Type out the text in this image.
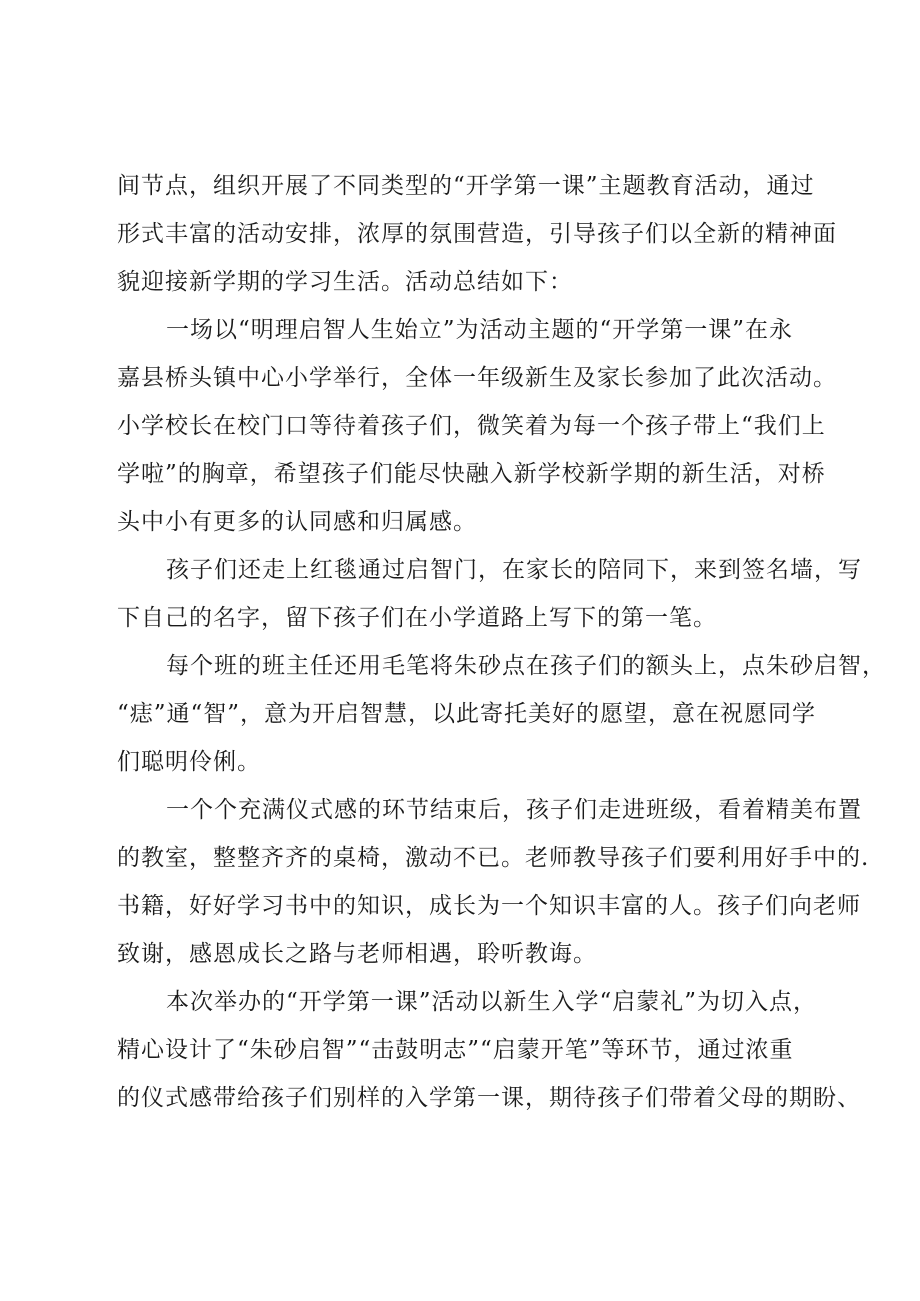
间节点，组织开展了不同类型的“开学第一课”主题教育活动，通过
形式丰富的活动安排，浓厚的氛围营造，引导孩子们以全新的精神面
貌迎接新学期的学习生活。活动总结如下：
一场以“明理启智人生始立”为活动主题的“开学第一课”在永
嘉县桥头镇中心小学举行，全体一年级新生及家长参加了此次活动。
小学校长在校门口等待着孩子们，微笑着为每一个孩子带上“我们上
学啦”的胸章，希望孩子们能尽快融入新学校新学期的新生活，对桥
头中小有更多的认同感和归属感。
孩子们还走上红毯通过启智门，在家长的陪同下，来到签名墙，写
下自己的名字，留下孩子们在小学道路上写下的第一笔。
每个班的班主任还用毛笔将朱砂点在孩子们的额头上，点朱砂启智，
“痣”通“智”，意为开启智慧，以此寄托美好的愿望，意在祝愿同学
们聪明伶俐。
一个个充满仪式感的环节结束后，孩子们走进班级，看着精美布置
的教室，整整齐齐的桌椅，激动不已。老师教导孩子们要利用好手中的.
书籍，好好学习书中的知识，成长为一个知识丰富的人。孩子们向老师
致谢，感恩成长之路与老师相遇，聆听教诲。
本次举办的“开学第一课”活动以新生入学“启蒙礼”为切入点，
精心设计了“朱砂启智”“击鼓明志”“启蒙开笔”等环节，通过浓重
的仪式感带给孩子们别样的入学第一课，期待孩子们带着父母的期盼、
